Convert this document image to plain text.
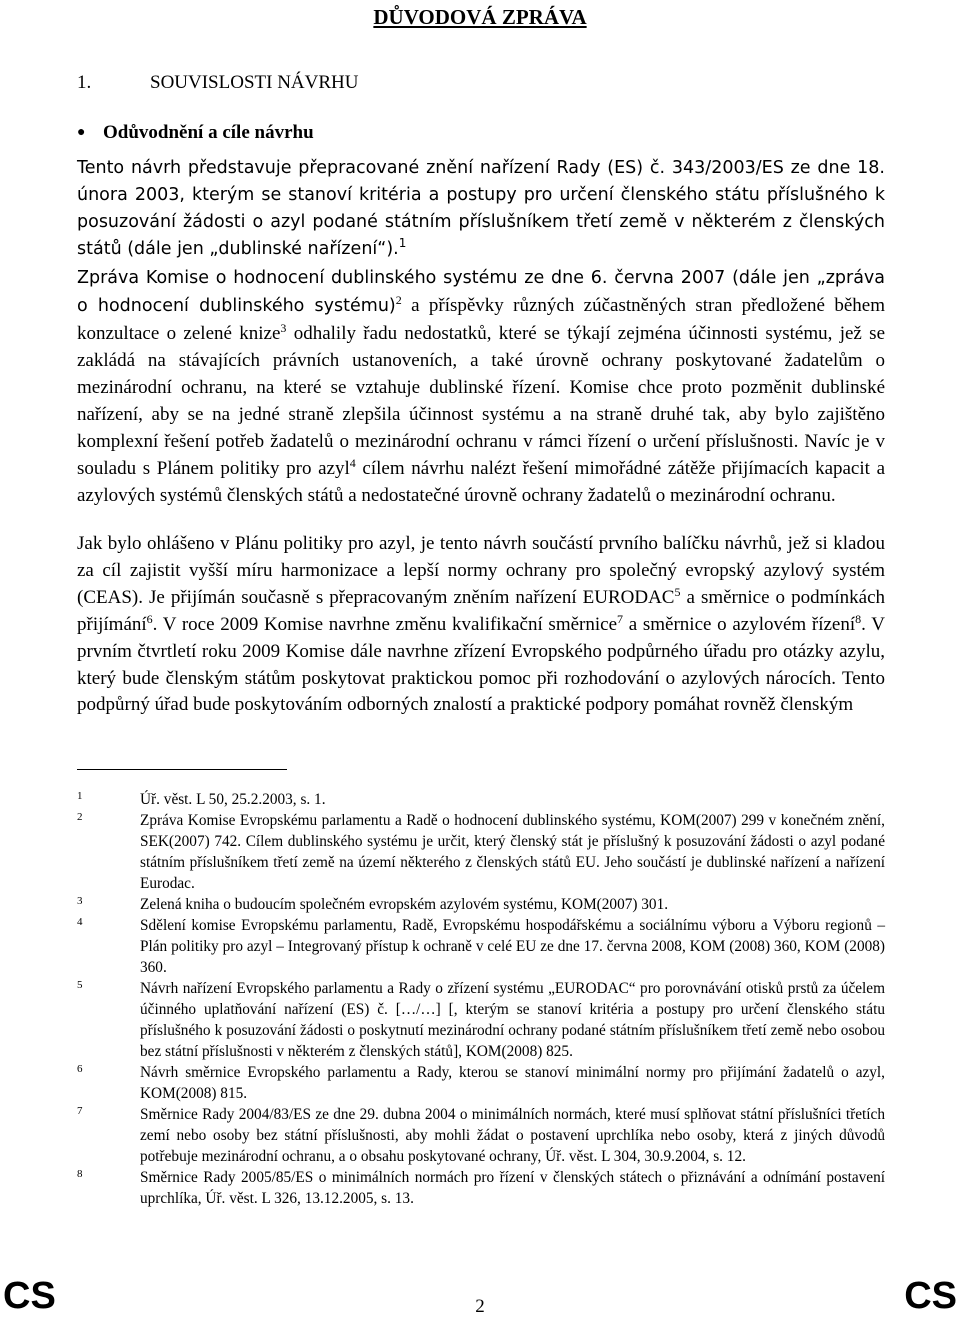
DŮVODOVÁ ZPRÁVA
1.	SOUVISLOSTI NÁVRHU
● Odůvodnění a cíle návrhu

Tento návrh představuje přepracované znění nařízení Rady (ES) č. 343/2003/ES ze dne 18. února 2003, kterým se stanoví kritéria a postupy pro určení členského státu příslušného k posuzování žádosti o azyl podané státním příslušníkem třetí země v některém z členských států (dále jen „dublinské nařízení“).$^1$

Zpráva Komise o hodnocení dublinského systému ze dne 6. června 2007 (dále jen „zpráva o hodnocení dublinského systému)$^2$ a příspěvky různých zúčastněných stran předložené během konzultace o zelené knize$^3$ odhalily řadu nedostatků, které se týkají zejména účinnosti systému, jež se zakládá na stávajících právních ustanoveních, a také úrovně ochrany poskytované žadatelům o mezinárodní ochranu, na které se vztahuje dublinské řízení. Komise chce proto pozměnit dublinské nařízení, aby se na jedné straně zlepšila účinnost systému a na straně druhé tak, aby bylo zajištěno komplexní řešení potřeb žadatelů o mezinárodní ochranu v rámci řízení o určení příslušnosti. Navíc je v souladu s Plánem politiky pro azyl$^4$ cílem návrhu nalézt řešení mimořádné zátěže přijímacích kapacit a azylových systémů členských států a nedostatečné úrovně ochrany žadatelů o mezinárodní ochranu.

Jak bylo ohlášeno v Plánu politiky pro azyl, je tento návrh součástí prvního balíčku návrhů, jež si kladou za cíl zajistit vyšší míru harmonizace a lepší normy ochrany pro společný evropský azylový systém (CEAS). Je přijímán současně s přepracovaným zněním nařízení EURODAC$^5$ a směrnice o podmínkách přijímání$^6$. V roce 2009 Komise navrhne změnu kvalifikační směrnice$^7$ a směrnice o azylovém řízení$^8$. V prvním čtvrtletí roku 2009 Komise dále navrhne zřízení Evropského podpůrného úřadu pro otázky azylu, který bude členským státům poskytovat praktickou pomoc při rozhodování o azylových nárocích. Tento podpůrný úřad bude poskytováním odborných znalostí a praktické podpory pomáhat rovněž členským

1	Úř. věst. L 50, 25.2.2003, s. 1.
2	Zpráva Komise Evropskému parlamentu a Radě o hodnocení dublinského systému, KOM(2007) 299 v konečném znění, SEK(2007) 742. Cílem dublinského systému je určit, který členský stát je příslušný k posuzování žádosti o azyl podané státním příslušníkem třetí země na území některého z členských států EU. Jeho součástí je dublinské nařízení a nařízení Eurodac.
3	Zelená kniha o budoucím společném evropském azylovém systému, KOM(2007) 301.
4	Sdělení komise Evropskému parlamentu, Radě, Evropskému hospodářskému a sociálnímu výboru a Výboru regionů – Plán politiky pro azyl – Integrovaný přístup k ochraně v celé EU ze dne 17. června 2008, KOM (2008) 360, KOM (2008) 360.
5	Návrh nařízení Evropského parlamentu a Rady o zřízení systému „EURODAC“ pro porovnávání otisků prstů za účelem účinného uplatňování nařízení (ES) č. […/…] [, kterým se stanoví kritéria a postupy pro určení členského státu příslušného k posuzování žádosti o poskytnutí mezinárodní ochrany podané státním příslušníkem třetí země nebo osobou bez státní příslušnosti v některém z členských států], KOM(2008) 825.
6	Návrh směrnice Evropského parlamentu a Rady, kterou se stanoví minimální normy pro přijímání žadatelů o azyl, KOM(2008) 815.
7	Směrnice Rady 2004/83/ES ze dne 29. dubna 2004 o minimálních normách, které musí splňovat státní příslušníci třetích zemí nebo osoby bez státní příslušnosti, aby mohli žádat o postavení uprchlíka nebo osoby, která z jiných důvodů potřebuje mezinárodní ochranu, a o obsahu poskytované ochrany, Úř. věst. L 304, 30.9.2004, s. 12.
8	Směrnice Rady 2005/85/ES o minimálních normách pro řízení v členských státech o přiznávání a odnímání postavení uprchlíka, Úř. věst. L 326, 13.12.2005, s. 13.
CS	2	CS
